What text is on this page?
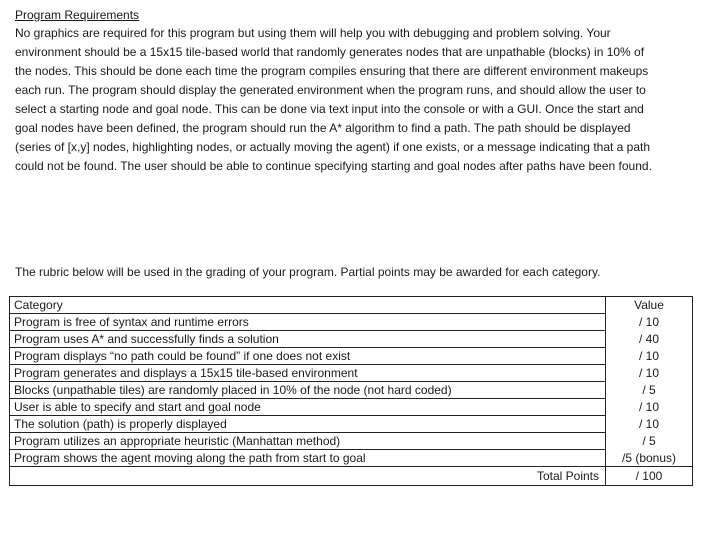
Program Requirements
No graphics are required for this program but using them will help you with debugging and problem solving. Your
environment should be a 15x15 tile-based world that randomly generates nodes that are unpathable (blocks) in 10% of
the nodes. This should be done each time the program compiles ensuring that there are different environment makeups
each run. The program should display the generated environment when the program runs, and should allow the user to
select a starting node and goal node. This can be done via text input into the console or with a GUI. Once the start and
goal nodes have been defined, the program should run the A* algorithm to find a path. The path should be displayed
(series of [x,y] nodes, highlighting nodes, or actually moving the agent) if one exists, or a message indicating that a path
could not be found. The user should be able to continue specifying starting and goal nodes after paths have been found.
The rubric below will be used in the grading of your program. Partial points may be awarded for each category.
Category	Value
Program is free of syntax and runtime errors	/ 10
Program uses A* and successfully finds a solution	/ 40
Program displays “no path could be found” if one does not exist	/ 10
Program generates and displays a 15x15 tile-based environment	/ 10
Blocks (unpathable tiles) are randomly placed in 10% of the node (not hard coded)	/ 5
User is able to specify and start and goal node	/ 10
The solution (path) is properly displayed	/ 10
Program utilizes an appropriate heuristic (Manhattan method)	/ 5
Program shows the agent moving along the path from start to goal	/5 (bonus)
Total Points	/ 100
